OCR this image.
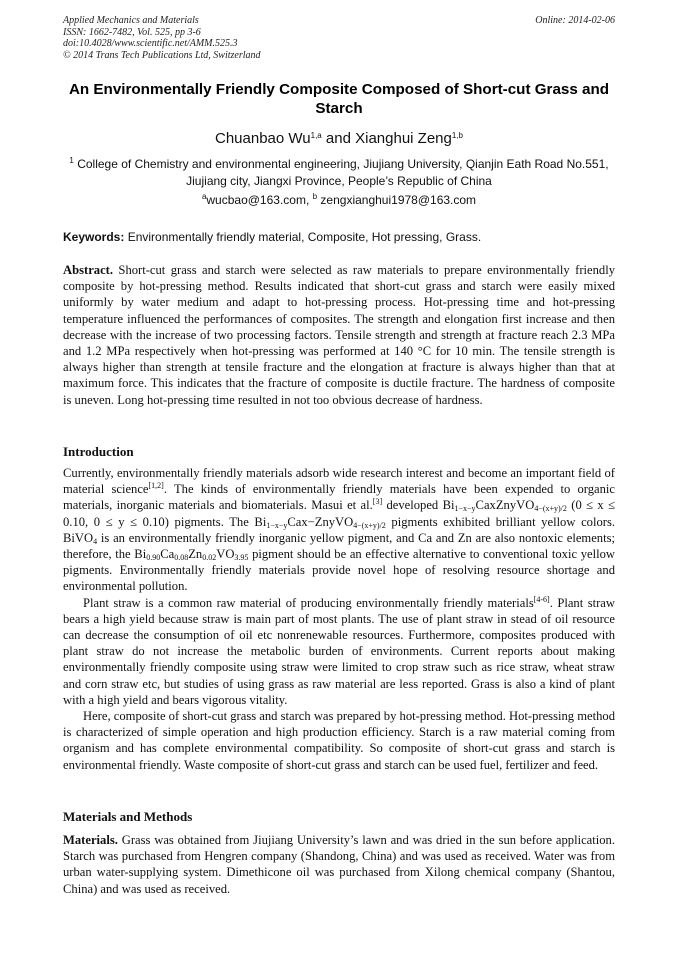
Applied Mechanics and Materials
ISSN: 1662-7482, Vol. 525, pp 3-6
doi:10.4028/www.scientific.net/AMM.525.3
© 2014 Trans Tech Publications Ltd, Switzerland
Online: 2014-02-06
An Environmentally Friendly Composite Composed of Short-cut Grass and Starch
Chuanbao Wu$^{1,a}$ and Xianghui Zeng$^{1,b}$
$^1$ College of Chemistry and environmental engineering, Jiujiang University, Qianjin Eath Road No.551, Jiujiang city, Jiangxi Province, People’s Republic of China
$^a$wucbao@163.com, $^b$ zengxianghui1978@163.com
Keywords: Environmentally friendly material, Composite, Hot pressing, Grass.
Abstract. Short-cut grass and starch were selected as raw materials to prepare environmentally friendly composite by hot-pressing method. Results indicated that short-cut grass and starch were easily mixed uniformly by water medium and adapt to hot-pressing process. Hot-pressing time and hot-pressing temperature influenced the performances of composites. The strength and elongation first increase and then decrease with the increase of two processing factors. Tensile strength and strength at fracture reach 2.3 MPa and 1.2 MPa respectively when hot-pressing was performed at 140 °C for 10 min. The tensile strength is always higher than strength at tensile fracture and the elongation at fracture is always higher than that at maximum force. This indicates that the fracture of composite is ductile fracture. The hardness of composite is uneven. Long hot-pressing time resulted in not too obvious decrease of hardness.
Introduction

Currently, environmentally friendly materials adsorb wide research interest and become an important field of material science[1,2]. The kinds of environmentally friendly materials have been expended to organic materials, inorganic materials and biomaterials. Masui et al.[3] developed $Bi_{1-x-y}CaxZnyVO_{4-(x+y)/2}$ (0 ≤ x ≤ 0.10, 0 ≤ y ≤ 0.10) pigments. The $Bi_{1-x-y}Cax-ZnyVO_{4-(x+y)/2}$ pigments exhibited brilliant yellow colors. BiVO$_4$ is an environmentally friendly inorganic yellow pigment, and Ca and Zn are also nontoxic elements; therefore, the $Bi_{0.90}Ca_{0.08}Zn_{0.02}VO_{3.95}$ pigment should be an effective alternative to conventional toxic yellow pigments. Environmentally friendly materials provide novel hope of resolving resource shortage and environmental pollution.

Plant straw is a common raw material of producing environmentally friendly materials[4-6]. Plant straw bears a high yield because straw is main part of most plants. The use of plant straw in stead of oil resource can decrease the consumption of oil etc nonrenewable resources. Furthermore, composites produced with plant straw do not increase the metabolic burden of environments. Current reports about making environmentally friendly composite using straw were limited to crop straw such as rice straw, wheat straw and corn straw etc, but studies of using grass as raw material are less reported. Grass is also a kind of plant with a high yield and bears vigorous vitality.

Here, composite of short-cut grass and starch was prepared by hot-pressing method. Hot-pressing method is characterized of simple operation and high production efficiency. Starch is a raw material coming from organism and has complete environmental compatibility. So composite of short-cut grass and starch is environmental friendly. Waste composite of short-cut grass and starch can be used fuel, fertilizer and feed.

Materials and Methods
Materials. Grass was obtained from Jiujiang University’s lawn and was dried in the sun before application. Starch was purchased from Hengren company (Shandong, China) and was used as received. Water was from urban water-supplying system. Dimethicone oil was purchased from Xilong chemical company (Shantou, China) and was used as received.
